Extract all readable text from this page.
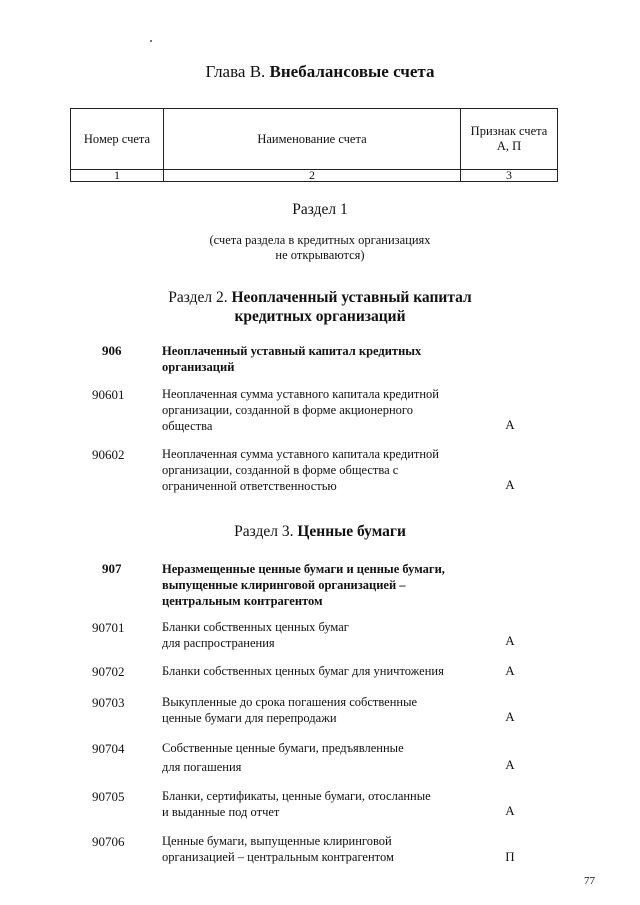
Глава В. Внебалансовые счета
Номер счета	Наименование счета	Признак счета
А, П

1	2	3
Раздел 1
(счета раздела в кредитных организациях
не открываются)
Раздел 2. Неоплаченный уставный капитал
кредитных организаций
906	Неоплаченный уставный капитал кредитных
организаций
90601	Неоплаченная сумма уставного капитала кредитной
организации, созданной в форме акционерного
общества	А
90602	Неоплаченная сумма уставного капитала кредитной
организации, созданной в форме общества с
ограниченной ответственностью	А
Раздел 3. Ценные бумаги
907	Неразмещенные ценные бумаги и ценные бумаги,
выпущенные клиринговой организацией –
центральным контрагентом
90701	Бланки собственных ценных бумаг
для распространения	А
90702	Бланки собственных ценных бумаг для уничтожения	А
90703	Выкупленные до срока погашения собственные
ценные бумаги для перепродажи	А
90704	Собственные ценные бумаги, предъявленные
для погашения	А
90705	Бланки, сертификаты, ценные бумаги, отосланные
и выданные под отчет	А
90706	Ценные бумаги, выпущенные клиринговой
организацией – центральным контрагентом	П
77
